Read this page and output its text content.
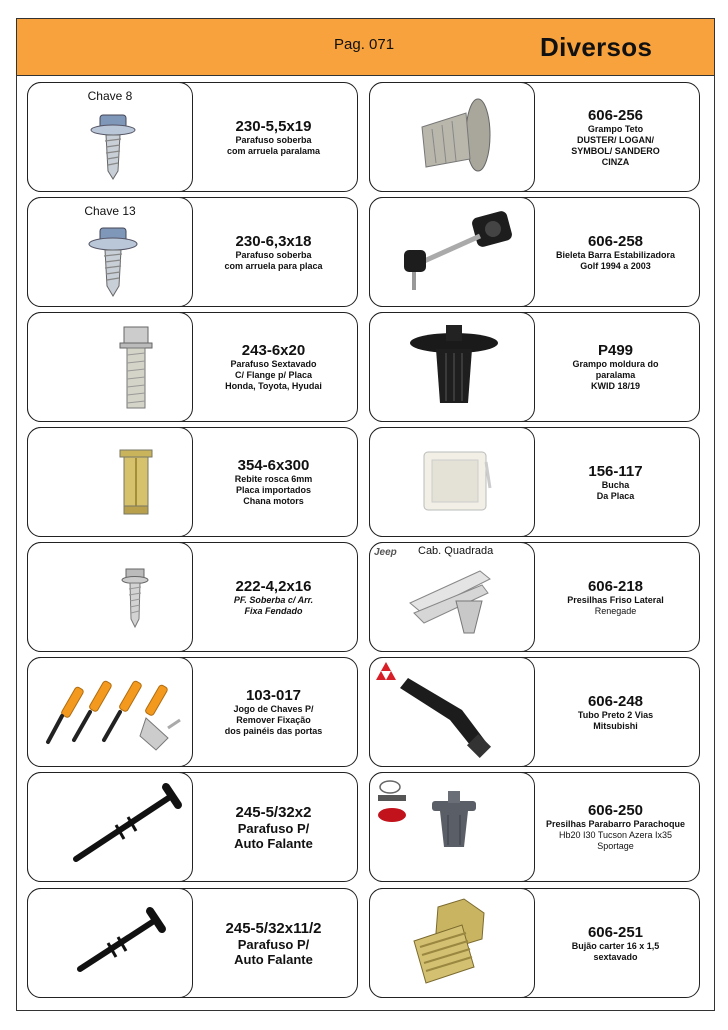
Pag. 071	Diversos
Chave 8
230-5,5x19
Parafuso soberba
com arruela paralama
Chave 13
230-6,3x18
Parafuso soberba
com arruela para placa
243-6x20
Parafuso Sextavado
C/ Flange p/ Placa
Honda, Toyota, Hyudai
354-6x300
Rebite rosca 6mm
Placa importados
Chana motors
222-4,2x16
PF. Soberba c/ Arr.
Fixa Fendado
103-017
Jogo de Chaves P/
Remover Fixação
dos painéis das portas
245-5/32x2
Parafuso P/
Auto Falante
245-5/32x11/2
Parafuso P/
Auto Falante
606-256
Grampo Teto
DUSTER/ LOGAN/
SYMBOL/ SANDERO
CINZA
606-258
Bieleta Barra Estabilizadora
Golf 1994 a 2003
P499
Grampo moldura do
paralama
KWID 18/19
156-117
Bucha
Da Placa
Jeep Cab. Quadrada
606-218
Presilhas Friso Lateral
Renegade
606-248
Tubo Preto 2 Vias
Mitsubishi
606-250
Presilhas Parabarro Parachoque
Hb20 I30 Tucson Azera Ix35
Sportage
606-251
Bujão carter 16 x 1,5
sextavado
